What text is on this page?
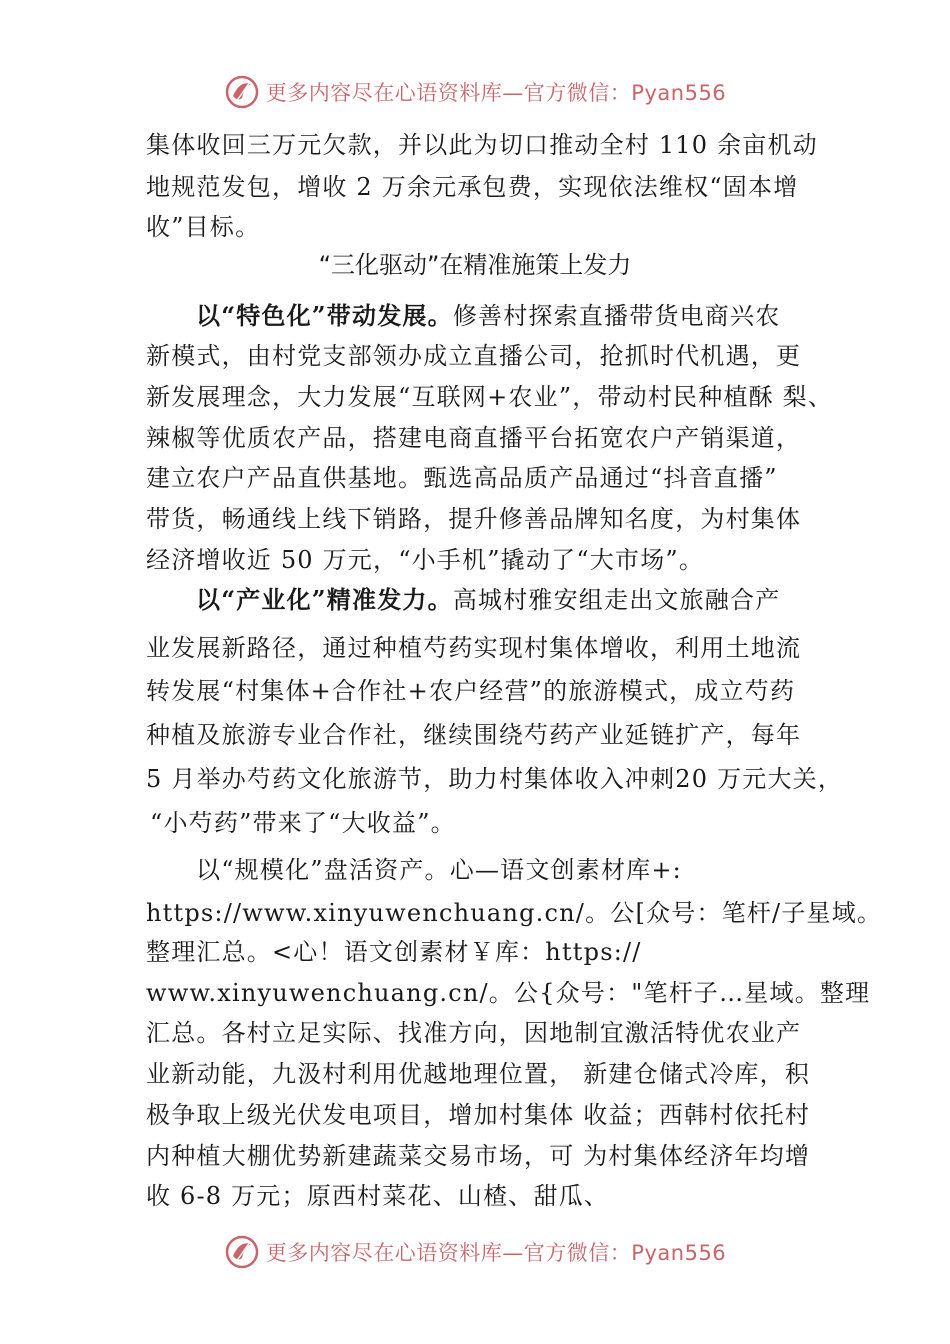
更多内容尽在心语资料库—官方微信：Pyan556
集体收回三万元欠款，并以此为切口推动全村 110 余亩机动
地规范发包，增收 2 万余元承包费，实现依法维权“固本增
收”目标。
“三化驱动”在精准施策上发力
以“特色化”带动发展。修善村探索直播带货电商兴农
新模式，由村党支部领办成立直播公司，抢抓时代机遇，更
新发展理念，大力发展“互联网+农业”，带动村民种植酥 梨、
辣椒等优质农产品，搭建电商直播平台拓宽农户产销渠道，
建立农户产品直供基地。甄选高品质产品通过“抖音直播”
带货，畅通线上线下销路，提升修善品牌知名度，为村集体
经济增收近 50 万元，“小手机”撬动了“大市场”。
以“产业化”精准发力。高城村雅安组走出文旅融合产
业发展新路径，通过种植芍药实现村集体增收，利用土地流
转发展“村集体+合作社+农户经营”的旅游模式，成立芍药
种植及旅游专业合作社，继续围绕芍药产业延链扩产，每年
5 月举办芍药文化旅游节，助力村集体收入冲刺20 万元大关，
“小芍药”带来了“大收益”。
以“规模化”盘活资产。心—语文创素材库+:
https://www.xinyuwenchuang.cn/。公[众号：笔杆/子星域。
整理汇总。<心！语文创素材￥库：https://
www.xinyuwenchuang.cn/。公{众号："笔杆子…星域。整理
汇总。各村立足实际、找准方向，因地制宜激活特优农业产
业新动能，九汲村利用优越地理位置， 新建仓储式冷库，积
极争取上级光伏发电项目，增加村集体 收益；西韩村依托村
内种植大棚优势新建蔬菜交易市场，可 为村集体经济年均增
收 6-8 万元；原西村菜花、山楂、甜瓜、
更多内容尽在心语资料库—官方微信：Pyan556
